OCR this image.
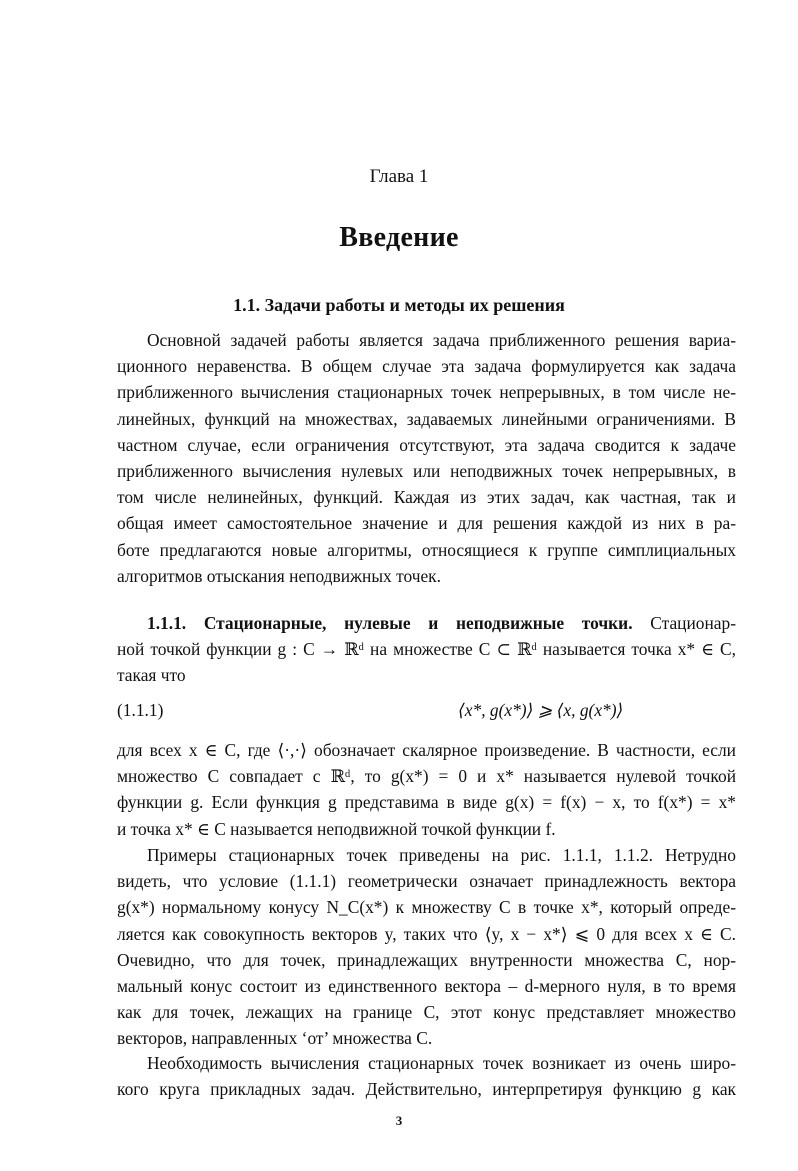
Глава 1
Введение
1.1. Задачи работы и методы их решения
Основной задачей работы является задача приближенного решения вариа-
ционного неравенства. В общем случае эта задача формулируется как задача
приближенного вычисления стационарных точек непрерывных, в том числе не-
линейных, функций на множествах, задаваемых линейными ограничениями. В
частном случае, если ограничения отсутствуют, эта задача сводится к задаче
приближенного вычисления нулевых или неподвижных точек непрерывных, в
том числе нелинейных, функций. Каждая из этих задач, как частная, так и
общая имеет самостоятельное значение и для решения каждой из них в ра-
боте предлагаются новые алгоритмы, относящиеся к группе симплициальных
алгоритмов отыскания неподвижных точек.
1.1.1. Стационарные, нулевые и неподвижные точки. Стационар-
ной точкой функции g : C → ℝᵈ на множестве C ⊂ ℝᵈ называется точка x* ∈ C,
такая что
(1.1.1)	⟨x*, g(x*)⟩ ⩾ ⟨x, g(x*)⟩
для всех x ∈ C, где ⟨·,·⟩ обозначает скалярное произведение. В частности, если
множество C совпадает с ℝᵈ, то g(x*) = 0 и x* называется нулевой точкой
функции g. Если функция g представима в виде g(x) = f(x) − x, то f(x*) = x*
и точка x* ∈ C называется неподвижной точкой функции f.
Примеры стационарных точек приведены на рис. 1.1.1, 1.1.2. Нетрудно
видеть, что условие (1.1.1) геометрически означает принадлежность вектора
g(x*) нормальному конусу N_C(x*) к множеству C в точке x*, который опреде-
ляется как совокупность векторов y, таких что ⟨y, x − x*⟩ ⩽ 0 для всех x ∈ C.
Очевидно, что для точек, принадлежащих внутренности множества C, нор-
мальный конус состоит из единственного вектора – d-мерного нуля, в то время
как для точек, лежащих на границе C, этот конус представляет множество
векторов, направленных ‘от’ множества C.
Необходимость вычисления стационарных точек возникает из очень широ-
кого круга прикладных задач. Действительно, интерпретируя функцию g как
3
